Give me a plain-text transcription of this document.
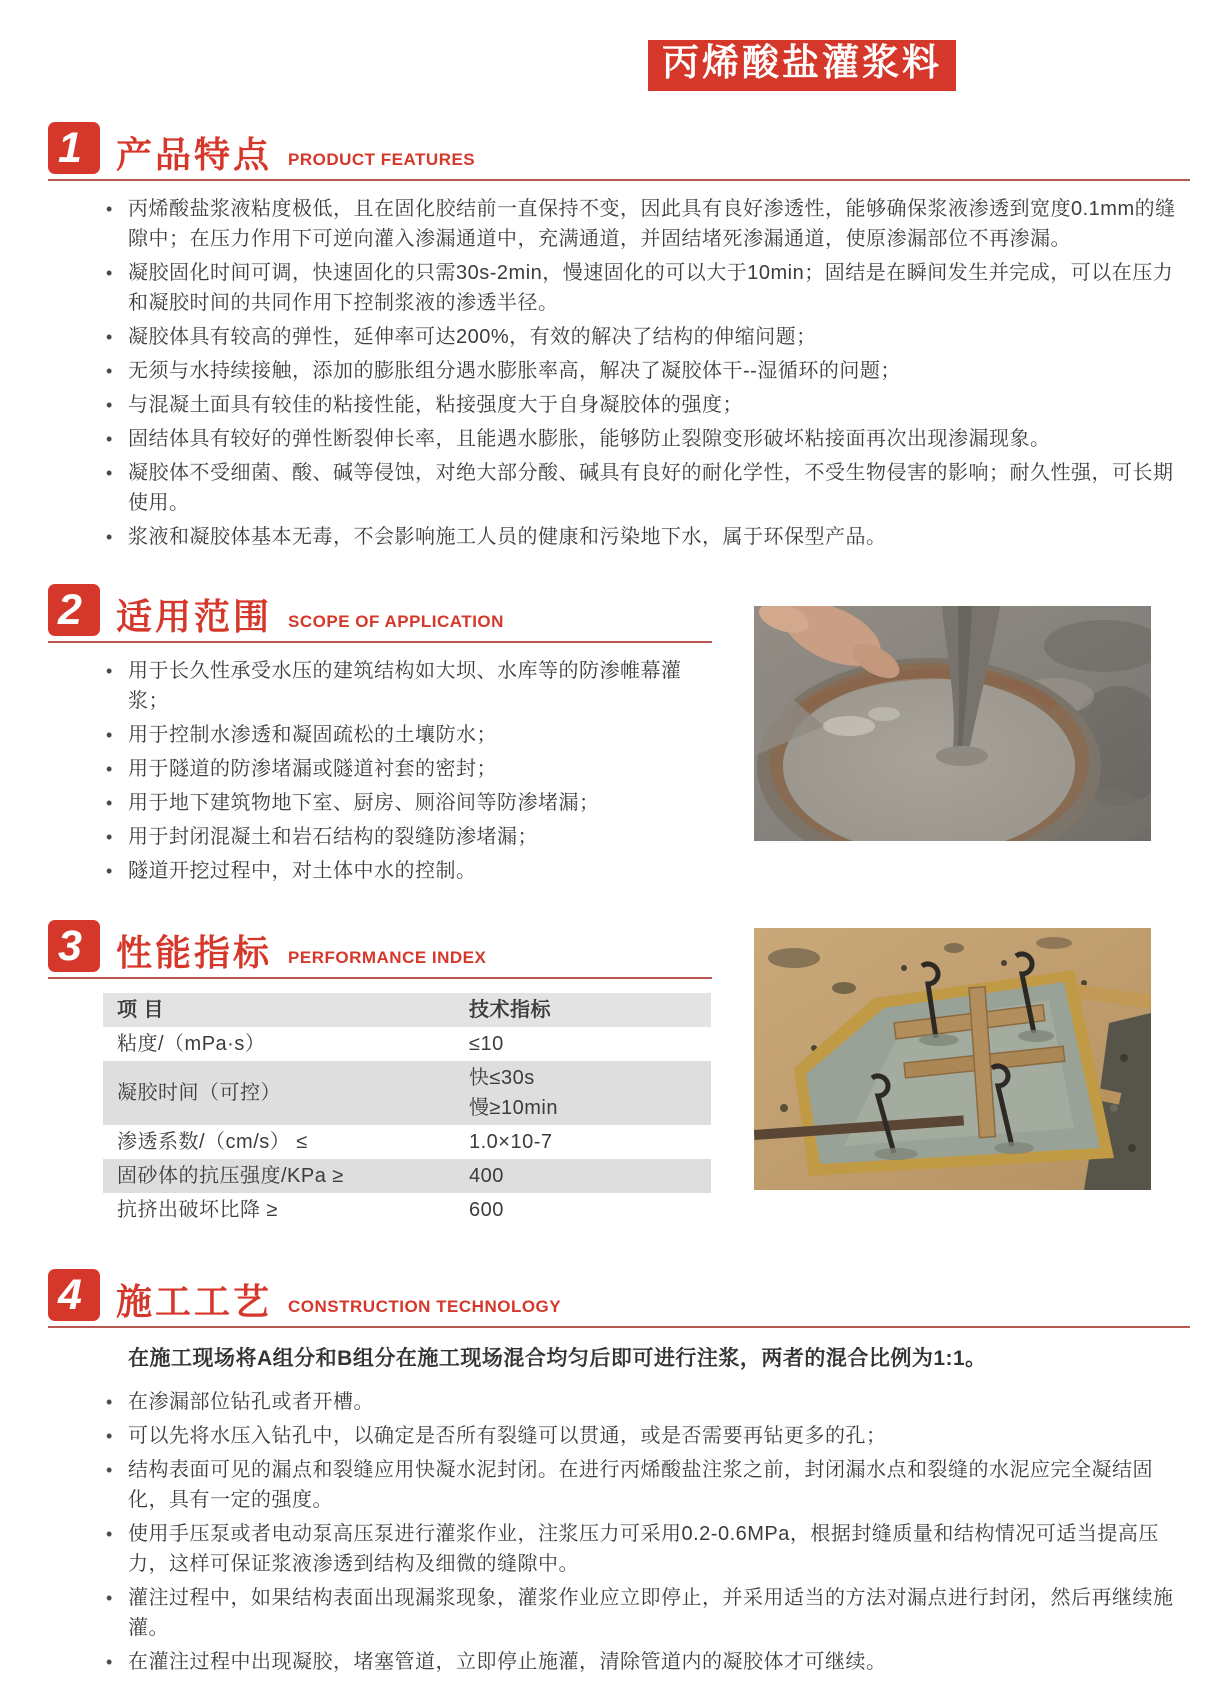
丙烯酸盐灌浆料
1 产品特点 PRODUCT FEATURES
• 丙烯酸盐浆液粘度极低，且在固化胶结前一直保持不变，因此具有良好渗透性，能够确保浆液渗透到宽度0.1mm的缝隙中；在压力作用下可逆向灌入渗漏通道中，充满通道，并固结堵死渗漏通道，使原渗漏部位不再渗漏。
• 凝胶固化时间可调，快速固化的只需30s-2min，慢速固化的可以大于10min；固结是在瞬间发生并完成，可以在压力和凝胶时间的共同作用下控制浆液的渗透半径。
• 凝胶体具有较高的弹性，延伸率可达200%，有效的解决了结构的伸缩问题；
• 无须与水持续接触，添加的膨胀组分遇水膨胀率高，解决了凝胶体干--湿循环的问题；
• 与混凝土面具有较佳的粘接性能，粘接强度大于自身凝胶体的强度；
• 固结体具有较好的弹性断裂伸长率，且能遇水膨胀，能够防止裂隙变形破坏粘接面再次出现渗漏现象。
• 凝胶体不受细菌、酸、碱等侵蚀，对绝大部分酸、碱具有良好的耐化学性，不受生物侵害的影响；耐久性强，可长期使用。
• 浆液和凝胶体基本无毒，不会影响施工人员的健康和污染地下水，属于环保型产品。
2 适用范围 SCOPE OF APPLICATION
• 用于长久性承受水压的建筑结构如大坝、水库等的防渗帷幕灌浆；
• 用于控制水渗透和凝固疏松的土壤防水；
• 用于隧道的防渗堵漏或隧道衬套的密封；
• 用于地下建筑物地下室、厨房、厕浴间等防渗堵漏；
• 用于封闭混凝土和岩石结构的裂缝防渗堵漏；
• 隧道开挖过程中，对土体中水的控制。
3 性能指标 PERFORMANCE INDEX
项 目	技术指标
粘度/（mPa·s）	≤10
凝胶时间（可控）	快≤30s
慢≥10min

渗透系数/（cm/s） ≤	1.0×10-7
固砂体的抗压强度/KPa ≥	400
抗挤出破坏比降 ≥	600
4 施工工艺 CONSTRUCTION TECHNOLOGY

在施工现场将A组分和B组分在施工现场混合均匀后即可进行注浆，两者的混合比例为1:1。

• 在渗漏部位钻孔或者开槽。
• 可以先将水压入钻孔中，以确定是否所有裂缝可以贯通，或是否需要再钻更多的孔；
• 结构表面可见的漏点和裂缝应用快凝水泥封闭。在进行丙烯酸盐注浆之前，封闭漏水点和裂缝的水泥应完全凝结固化，具有一定的强度。
• 使用手压泵或者电动泵高压泵进行灌浆作业，注浆压力可采用0.2-0.6MPa，根据封缝质量和结构情况可适当提高压力，这样可保证浆液渗透到结构及细微的缝隙中。
• 灌注过程中，如果结构表面出现漏浆现象，灌浆作业应立即停止，并采用适当的方法对漏点进行封闭，然后再继续施灌。
• 在灌注过程中出现凝胶，堵塞管道，立即停止施灌，清除管道内的凝胶体才可继续。
